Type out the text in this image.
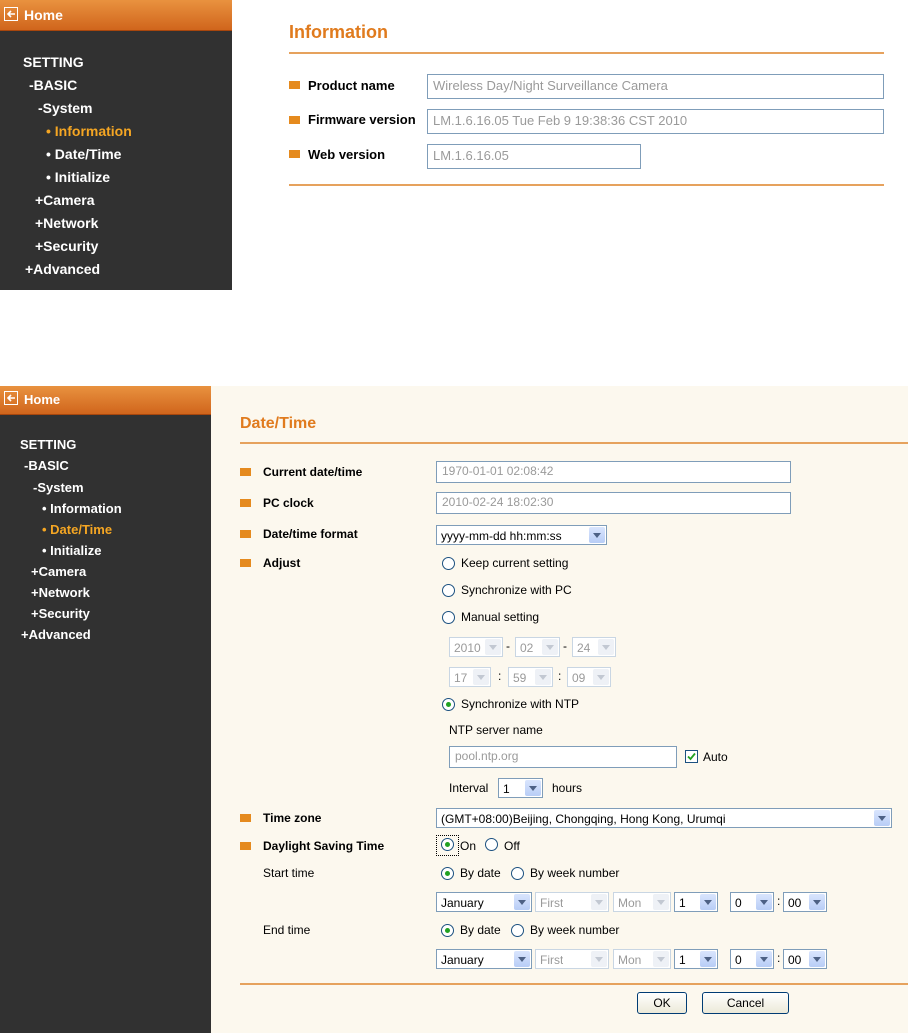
Home
SETTING
-BASIC
-System
• Information
• Date/Time
• Initialize
+Camera
+Network
+Security
+Advanced
Information
Product name	Wireless Day/Night Surveillance Camera
Firmware version	LM.1.6.16.05 Tue Feb 9 19:38:36 CST 2010
Web version	LM.1.6.16.05
Home
SETTING
-BASIC
-System
• Information
• Date/Time
• Initialize
+Camera
+Network
+Security
+Advanced
Date/Time
Current date/time	1970-01-01 02:08:42
PC clock	2010-02-24 18:02:30
Date/time format	yyyy-mm-dd hh:mm:ss
Adjust	Keep current setting
Synchronize with PC
Manual setting
2010 - 02 - 24
17	: 59	: 09
Synchronize with NTP
NTP server name
pool.ntp.org	Auto
Interval 1	hours
Time zone	(GMT+08:00)Beijing, Chongqing, Hong Kong, Urumqi
Daylight Saving Time	On Off
Start time	By date By week number
January	First	Mon	1	0	: 00
End time	By date By week number
January	First	Mon	1	0	: 00
OK	Cancel
